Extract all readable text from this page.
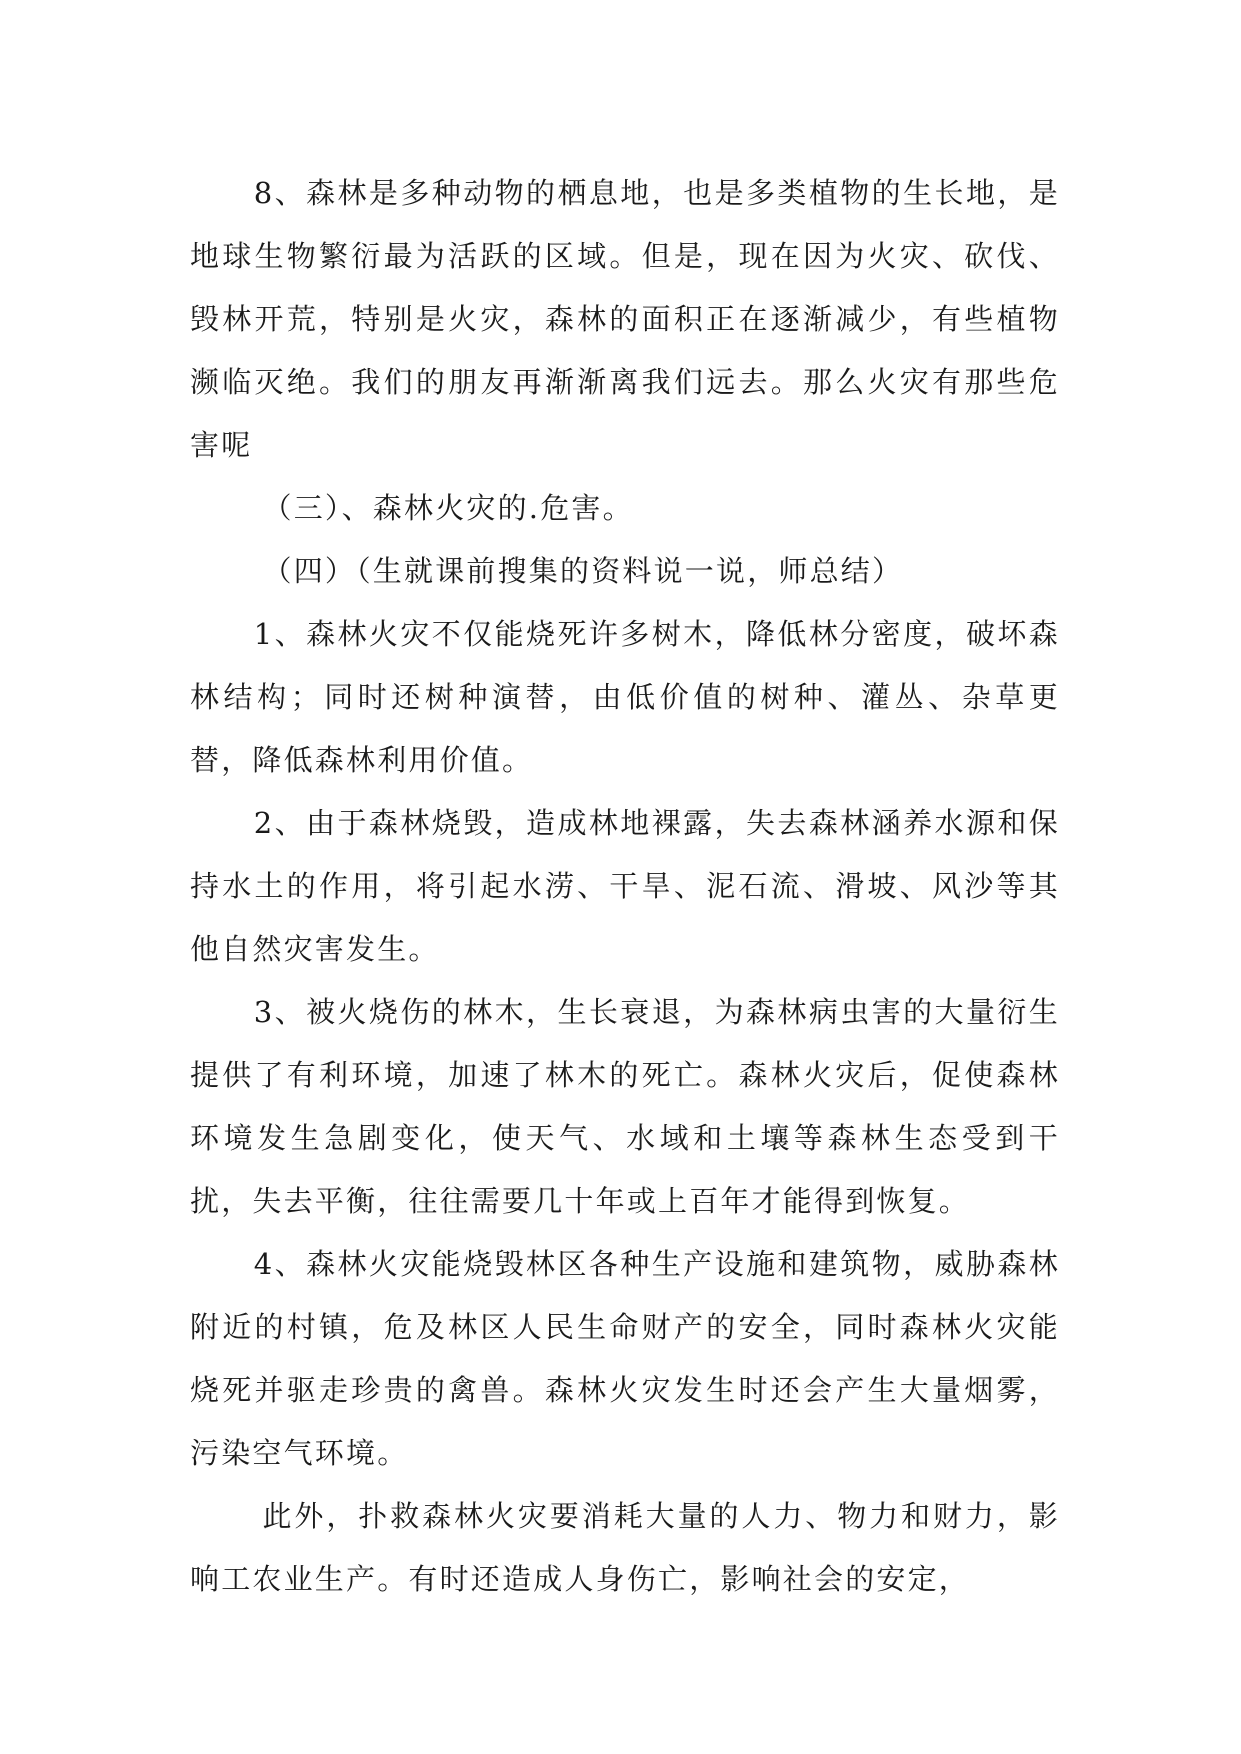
8、森林是多种动物的栖息地，也是多类植物的生长地，是地球生物繁衍最为活跃的区域。但是，现在因为火灾、砍伐、毁林开荒，特别是火灾，森林的面积正在逐渐减少，有些植物濒临灭绝。我们的朋友再渐渐离我们远去。那么火灾有那些危害呢

（三）、森林火灾的.危害。

（四）（生就课前搜集的资料说一说，师总结）

1、森林火灾不仅能烧死许多树木，降低林分密度，破坏森林结构；同时还树种演替，由低价值的树种、灌丛、杂草更替，降低森林利用价值。

2、由于森林烧毁，造成林地裸露，失去森林涵养水源和保持水土的作用，将引起水涝、干旱、泥石流、滑坡、风沙等其他自然灾害发生。

3、被火烧伤的林木，生长衰退，为森林病虫害的大量衍生提供了有利环境，加速了林木的死亡。森林火灾后，促使森林环境发生急剧变化，使天气、水域和土壤等森林生态受到干扰，失去平衡，往往需要几十年或上百年才能得到恢复。

4、森林火灾能烧毁林区各种生产设施和建筑物，威胁森林附近的村镇，危及林区人民生命财产的安全，同时森林火灾能烧死并驱走珍贵的禽兽。森林火灾发生时还会产生大量烟雾，污染空气环境。

此外，扑救森林火灾要消耗大量的人力、物力和财力，影响工农业生产。有时还造成人身伤亡，影响社会的安定，
